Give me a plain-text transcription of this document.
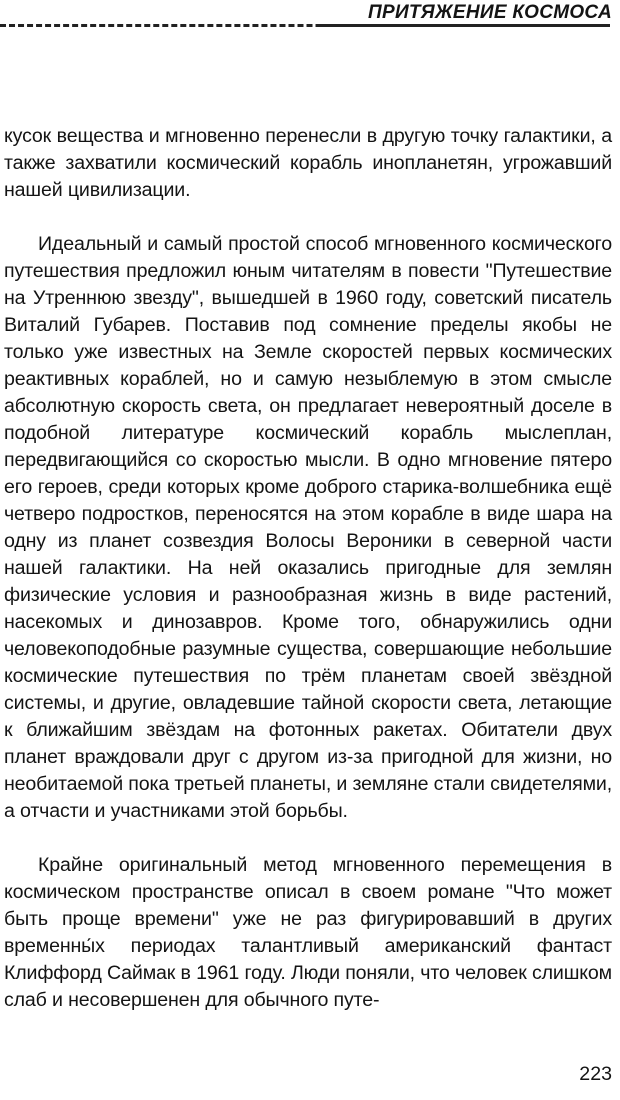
ПРИТЯЖЕНИЕ КОСМОСА

кусок вещества и мгновенно перенесли в другую точку галактики, а также захватили космический корабль инопланетян, угрожавший нашей цивилизации.

Идеальный и самый простой способ мгновенного космического путешествия предложил юным читателям в повести "Путешествие на Утреннюю звезду", вышедшей в 1960 году, советский писатель Виталий Губарев. Поставив под сомнение пределы якобы не только уже известных на Земле скоростей первых космических реактивных кораблей, но и самую незыблемую в этом смысле абсолютную скорость света, он предлагает невероятный доселе в подобной литературе космический корабль мыслеплан, передвигающийся со скоростью мысли. В одно мгновение пятеро его героев, среди которых кроме доброго старика-волшебника ещё четверо подростков, переносятся на этом корабле в виде шара на одну из планет созвездия Волосы Вероники в северной части нашей галактики. На ней оказались пригодные для землян физические условия и разнообразная жизнь в виде растений, насекомых и динозавров. Кроме того, обнаружились одни человекоподобные разумные существа, совершающие небольшие космические путешествия по трём планетам своей звёздной системы, и другие, овладевшие тайной скорости света, летающие к ближайшим звёздам на фотонных ракетах. Обитатели двух планет враждовали друг с другом из-за пригодной для жизни, но необитаемой пока третьей планеты, и земляне стали свидетелями, а отчасти и участниками этой борьбы.

Крайне оригинальный метод мгновенного перемещения в космическом пространстве описал в своем романе "Что может быть проще времени" уже не раз фигурировавший в других временны́х периодах талантливый американский фантаст Клиффорд Саймак в 1961 году. Люди поняли, что человек слишком слаб и несовершенен для обычного путе-

223
